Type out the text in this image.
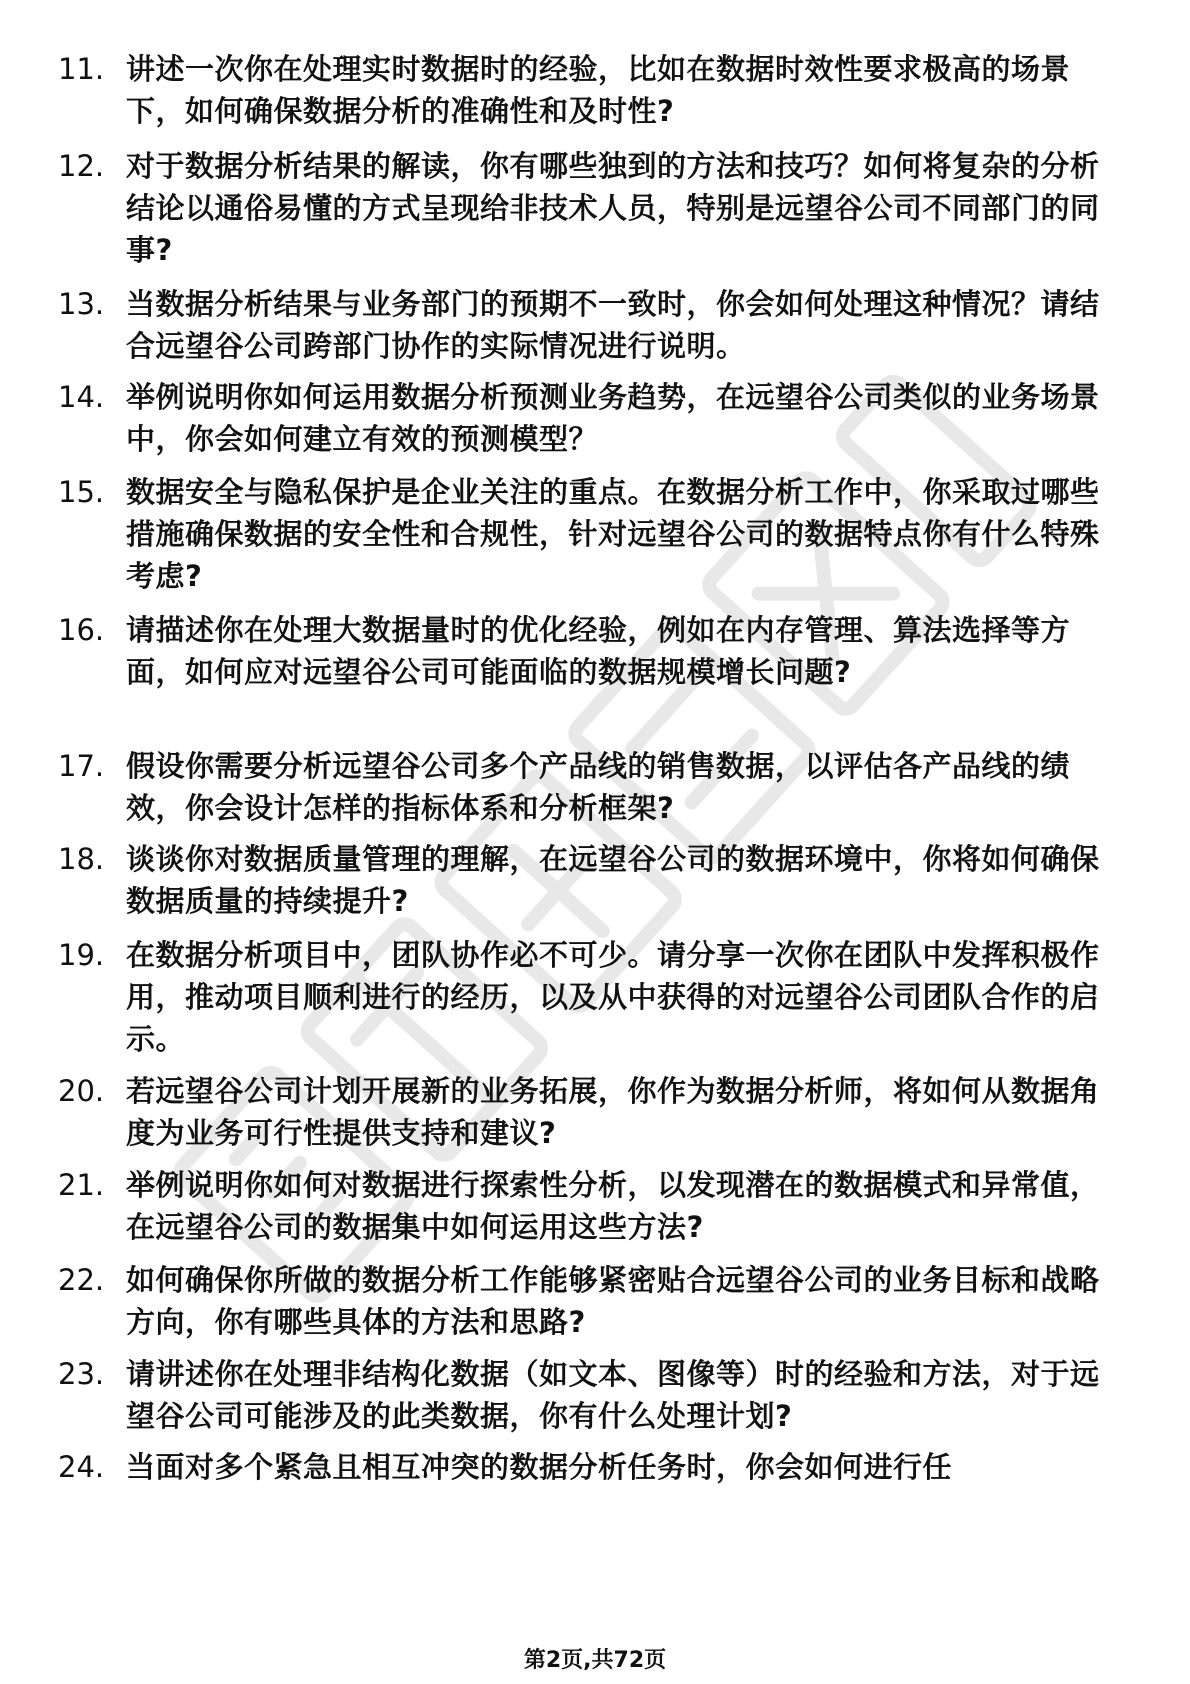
11. 讲述一次你在处理实时数据时的经验，比如在数据时效性要求极高的场景下，如何确保数据分析的准确性和及时性?
12. 对于数据分析结果的解读，你有哪些独到的方法和技巧？如何将复杂的分析结论以通俗易懂的方式呈现给非技术人员，特别是远望谷公司不同部门的同事?
13. 当数据分析结果与业务部门的预期不一致时，你会如何处理这种情况？请结合远望谷公司跨部门协作的实际情况进行说明。
14. 举例说明你如何运用数据分析预测业务趋势，在远望谷公司类似的业务场景中，你会如何建立有效的预测模型？
15. 数据安全与隐私保护是企业关注的重点。在数据分析工作中，你采取过哪些措施确保数据的安全性和合规性，针对远望谷公司的数据特点你有什么特殊考虑?
16. 请描述你在处理大数据量时的优化经验，例如在内存管理、算法选择等方面，如何应对远望谷公司可能面临的数据规模增长问题?
17. 假设你需要分析远望谷公司多个产品线的销售数据，以评估各产品线的绩效，你会设计怎样的指标体系和分析框架?
18. 谈谈你对数据质量管理的理解，在远望谷公司的数据环境中，你将如何确保数据质量的持续提升?
19. 在数据分析项目中，团队协作必不可少。请分享一次你在团队中发挥积极作用，推动项目顺利进行的经历，以及从中获得的对远望谷公司团队合作的启示。
20. 若远望谷公司计划开展新的业务拓展，你作为数据分析师，将如何从数据角度为业务可行性提供支持和建议?
21. 举例说明你如何对数据进行探索性分析，以发现潜在的数据模式和异常值，在远望谷公司的数据集中如何运用这些方法?
22. 如何确保你所做的数据分析工作能够紧密贴合远望谷公司的业务目标和战略方向，你有哪些具体的方法和思路?
23. 请讲述你在处理非结构化数据（如文本、图像等）时的经验和方法，对于远望谷公司可能涉及的此类数据，你有什么处理计划?
24. 当面对多个紧急且相互冲突的数据分析任务时，你会如何进行任
第2页,共72页
